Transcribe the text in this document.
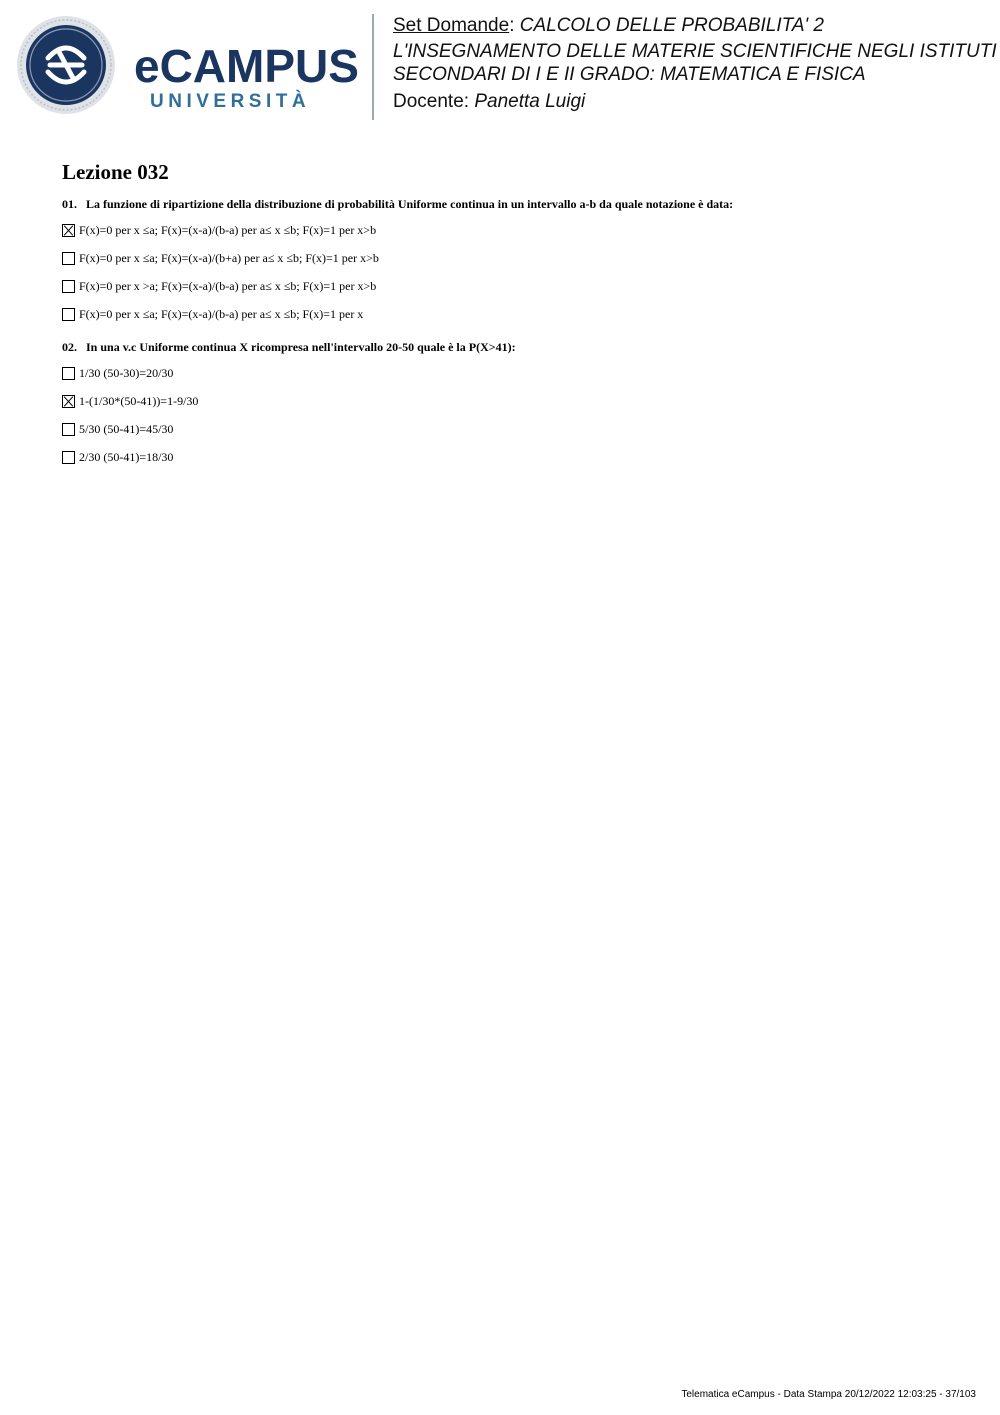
eCAMPUS
UNIVERSITÀ
Set Domande: CALCOLO DELLE PROBABILITA' 2
L'INSEGNAMENTO DELLE MATERIE SCIENTIFICHE NEGLI ISTITUTI
SECONDARI DI I E II GRADO: MATEMATICA E FISICA
Docente: Panetta Luigi
Lezione 032
01. La funzione di ripartizione della distribuzione di probabilità Uniforme continua in un intervallo a-b da quale notazione è data:
F(x)=0 per x ≤a; F(x)=(x-a)/(b-a) per a≤ x ≤b; F(x)=1 per x>b
F(x)=0 per x ≤a; F(x)=(x-a)/(b+a) per a≤ x ≤b; F(x)=1 per x>b
F(x)=0 per x >a; F(x)=(x-a)/(b-a) per a≤ x ≤b; F(x)=1 per x>b
F(x)=0 per x ≤a; F(x)=(x-a)/(b-a) per a≤ x ≤b; F(x)=1 per x
02. In una v.c Uniforme continua X ricompresa nell'intervallo 20-50 quale è la P(X>41):
1/30 (50-30)=20/30
1-(1/30*(50-41))=1-9/30
5/30 (50-41)=45/30
2/30 (50-41)=18/30
Telematica eCampus - Data Stampa 20/12/2022 12:03:25 - 37/103
